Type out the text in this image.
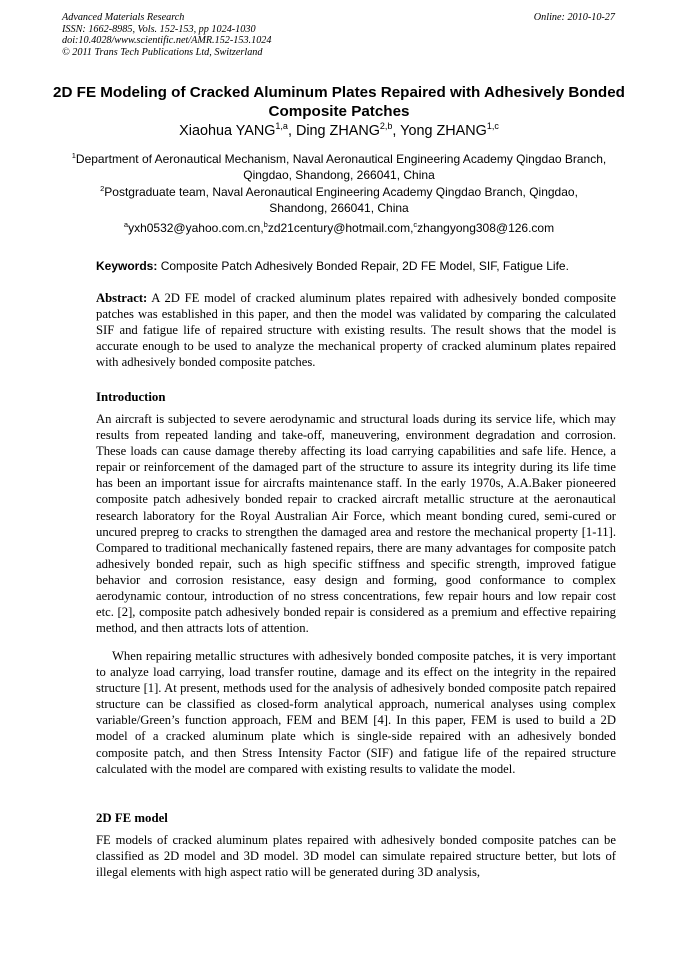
Advanced Materials Research
ISSN: 1662-8985, Vols. 152-153, pp 1024-1030
doi:10.4028/www.scientific.net/AMR.152-153.1024
© 2011 Trans Tech Publications Ltd, Switzerland
Online: 2010-10-27
2D FE Modeling of Cracked Aluminum Plates Repaired with Adhesively Bonded Composite Patches
Xiaohua YANG$^{1,a}$, Ding ZHANG$^{2,b}$, Yong ZHANG$^{1,c}$
$^1$Department of Aeronautical Mechanism, Naval Aeronautical Engineering Academy Qingdao Branch, Qingdao, Shandong, 266041, China
$^2$Postgraduate team, Naval Aeronautical Engineering Academy Qingdao Branch, Qingdao, Shandong, 266041, China
$^a$yxh0532@yahoo.com.cn,$^b$zd21century@hotmail.com,$^c$zhangyong308@126.com
Keywords: Composite Patch Adhesively Bonded Repair, 2D FE Model, SIF, Fatigue Life.
Abstract: A 2D FE model of cracked aluminum plates repaired with adhesively bonded composite patches was established in this paper, and then the model was validated by comparing the calculated SIF and fatigue life of repaired structure with existing results. The result shows that the model is accurate enough to be used to analyze the mechanical property of cracked aluminum plates repaired with adhesively bonded composite patches.
Introduction
An aircraft is subjected to severe aerodynamic and structural loads during its service life, which may results from repeated landing and take-off, maneuvering, environment degradation and corrosion. These loads can cause damage thereby affecting its load carrying capabilities and safe life. Hence, a repair or reinforcement of the damaged part of the structure to assure its integrity during its life time has been an important issue for aircrafts maintenance staff. In the early 1970s, A.A.Baker pioneered composite patch adhesively bonded repair to cracked aircraft metallic structure at the aeronautical research laboratory for the Royal Australian Air Force, which meant bonding cured, semi-cured or uncured prepreg to cracks to strengthen the damaged area and restore the mechanical property [1-11]. Compared to traditional mechanically fastened repairs, there are many advantages for composite patch adhesively bonded repair, such as high specific stiffness and specific strength, improved fatigue behavior and corrosion resistance, easy design and forming, good conformance to complex aerodynamic contour, introduction of no stress concentrations, few repair hours and low repair cost etc. [2], composite patch adhesively bonded repair is considered as a premium and effective repairing method, and then attracts lots of attention.
When repairing metallic structures with adhesively bonded composite patches, it is very important to analyze load carrying, load transfer routine, damage and its effect on the integrity in the repaired structure [1]. At present, methods used for the analysis of adhesively bonded composite patch repaired structure can be classified as closed-form analytical approach, numerical analyses using complex variable/Green’s function approach, FEM and BEM [4]. In this paper, FEM is used to build a 2D model of a cracked aluminum plate which is single-side repaired with an adhesively bonded composite patch, and then Stress Intensity Factor (SIF) and fatigue life of the repaired structure calculated with the model are compared with existing results to validate the model.
2D FE model
FE models of cracked aluminum plates repaired with adhesively bonded composite patches can be classified as 2D model and 3D model. 3D model can simulate repaired structure better, but lots of illegal elements with high aspect ratio will be generated during 3D analysis,
